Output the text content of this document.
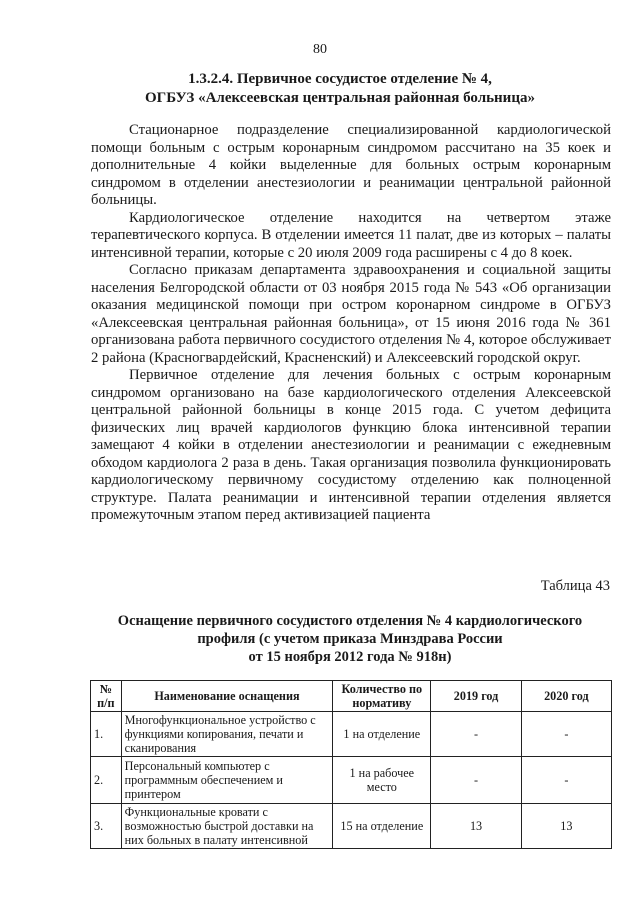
80
1.3.2.4. Первичное сосудистое отделение № 4,
ОГБУЗ «Алексеевская центральная районная больница»

Стационарное подразделение специализированной кардиологической помощи больным с острым коронарным синдромом рассчитано на 35 коек и дополнительные 4 койки выделенные для больных острым коронарным синдромом в отделении анестезиологии и реанимации центральной районной больницы.

Кардиологическое отделение находится на четвертом этаже терапевтического корпуса. В отделении имеется 11 палат, две из которых – палаты интенсивной терапии, которые с 20 июля 2009 года расширены с 4 до 8 коек.

Согласно приказам департамента здравоохранения и социальной защиты населения Белгородской области от 03 ноября 2015 года № 543 «Об организации оказания медицинской помощи при остром коронарном синдроме в ОГБУЗ «Алексеевская центральная районная больница», от 15 июня 2016 года № 361 организована работа первичного сосудистого отделения № 4, которое обслуживает 2 района (Красногвардейский, Красненский) и Алексеевский городской округ.

Первичное отделение для лечения больных с острым коронарным синдромом организовано на базе кардиологического отделения Алексеевской центральной районной больницы в конце 2015 года. С учетом дефицита физических лиц врачей кардиологов функцию блока интенсивной терапии замещают 4 койки в отделении анестезиологии и реанимации с ежедневным обходом кардиолога 2 раза в день. Такая организация позволила функционировать кардиологическому первичному сосудистому отделению как полноценной структуре. Палата реанимации и интенсивной терапии отделения является промежуточным этапом перед активизацией пациента

Таблица 43
Оснащение первичного сосудистого отделения № 4 кардиологического
профиля (с учетом приказа Минздрава России
от 15 ноября 2012 года № 918н)
№ п/п	Наименование оснащения	Количество по нормативу	2019 год	2020 год
1.	Многофункциональное устройство с функциями копирования, печати и сканирования	1 на отделение	-	-
2.	Персональный компьютер с программным обеспечением и принтером	1 на рабочее место	-	-
3.	Функциональные кровати с возможностью быстрой доставки на них больных в палату интенсивной	15 на отделение	13	13
